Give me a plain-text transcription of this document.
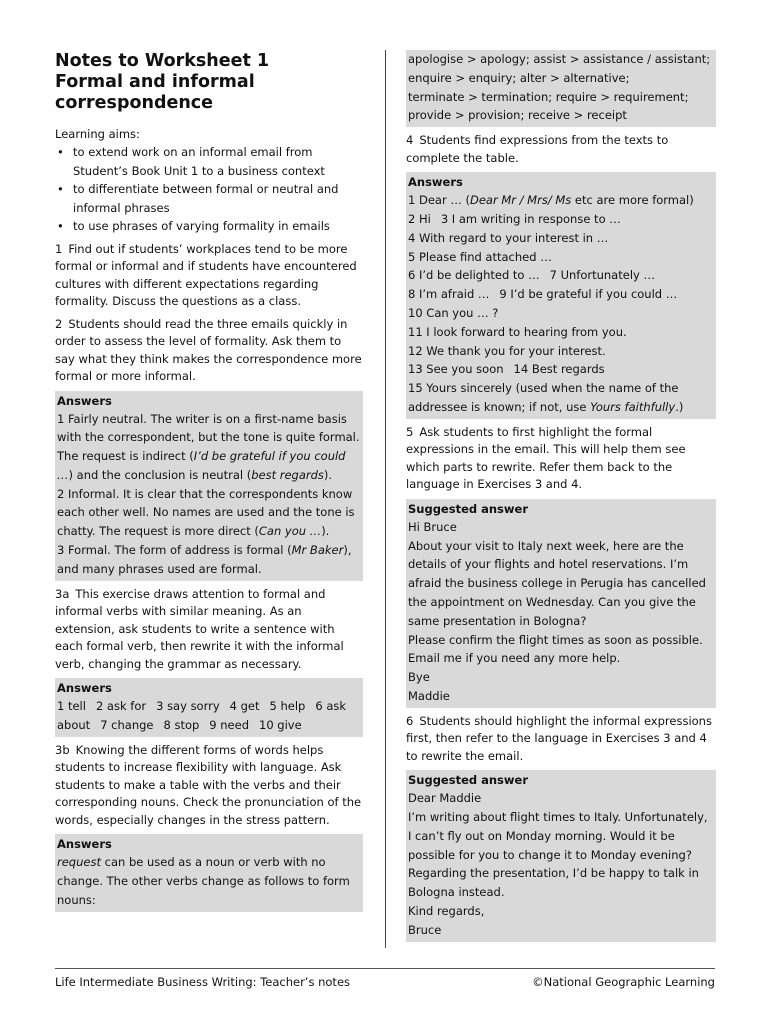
Notes to Worksheet 1
Formal and informal
correspondence
Learning aims:
• to extend work on an informal email from
Student’s Book Unit 1 to a business context
• to differentiate between formal or neutral and
informal phrases
• to use phrases of varying formality in emails

1 Find out if students’ workplaces tend to be more formal or informal and if students have encountered cultures with different expectations regarding formality. Discuss the questions as a class.

2 Students should read the three emails quickly in order to assess the level of formality. Ask them to say what they think makes the correspondence more formal or more informal.

Answers
1 Fairly neutral. The writer is on a first-name basis with the correspondent, but the tone is quite formal. The request is indirect (I’d be grateful if you could …) and the conclusion is neutral (best regards).
2 Informal. It is clear that the correspondents know each other well. No names are used and the tone is chatty. The request is more direct (Can you …).
3 Formal. The form of address is formal (Mr Baker), and many phrases used are formal.

3a This exercise draws attention to formal and informal verbs with similar meaning. As an extension, ask students to write a sentence with each formal verb, then rewrite it with the informal verb, changing the grammar as necessary.

Answers
1 tell 2 ask for 3 say sorry 4 get 5 help 6 ask
about 7 change 8 stop 9 need 10 give

3b Knowing the different forms of words helps students to increase flexibility with language. Ask students to make a table with the verbs and their corresponding nouns. Check the pronunciation of the words, especially changes in the stress pattern.

Answers
request can be used as a noun or verb with no change. The other verbs change as follows to form nouns:
apologise > apology; assist > assistance / assistant;
enquire > enquiry; alter > alternative;
terminate > termination; require > requirement;
provide > provision; receive > receipt

4 Students find expressions from the texts to complete the table.

Answers
1 Dear … (Dear Mr / Mrs/ Ms etc are more formal)
2 Hi 3 I am writing in response to …
4 With regard to your interest in …
5 Please find attached …
6 I’d be delighted to … 7 Unfortunately …
8 I’m afraid … 9 I’d be grateful if you could …
10 Can you … ?
11 I look forward to hearing from you.
12 We thank you for your interest.
13 See you soon 14 Best regards
15 Yours sincerely (used when the name of the
addressee is known; if not, use Yours faithfully.)

5 Ask students to first highlight the formal expressions in the email. This will help them see which parts to rewrite. Refer them back to the language in Exercises 3 and 4.

Suggested answer
Hi Bruce
About your visit to Italy next week, here are the details of your flights and hotel reservations. I’m afraid the business college in Perugia has cancelled the appointment on Wednesday. Can you give the same presentation in Bologna?
Please confirm the flight times as soon as possible.
Email me if you need any more help.
Bye
Maddie

6 Students should highlight the informal expressions first, then refer to the language in Exercises 3 and 4 to rewrite the email.

Suggested answer
Dear Maddie
I’m writing about flight times to Italy. Unfortunately, I can’t fly out on Monday morning. Would it be possible for you to change it to Monday evening? Regarding the presentation, I’d be happy to talk in Bologna instead.
Kind regards,
Bruce
Life Intermediate Business Writing: Teacher’s notes	©National Geographic Learning
